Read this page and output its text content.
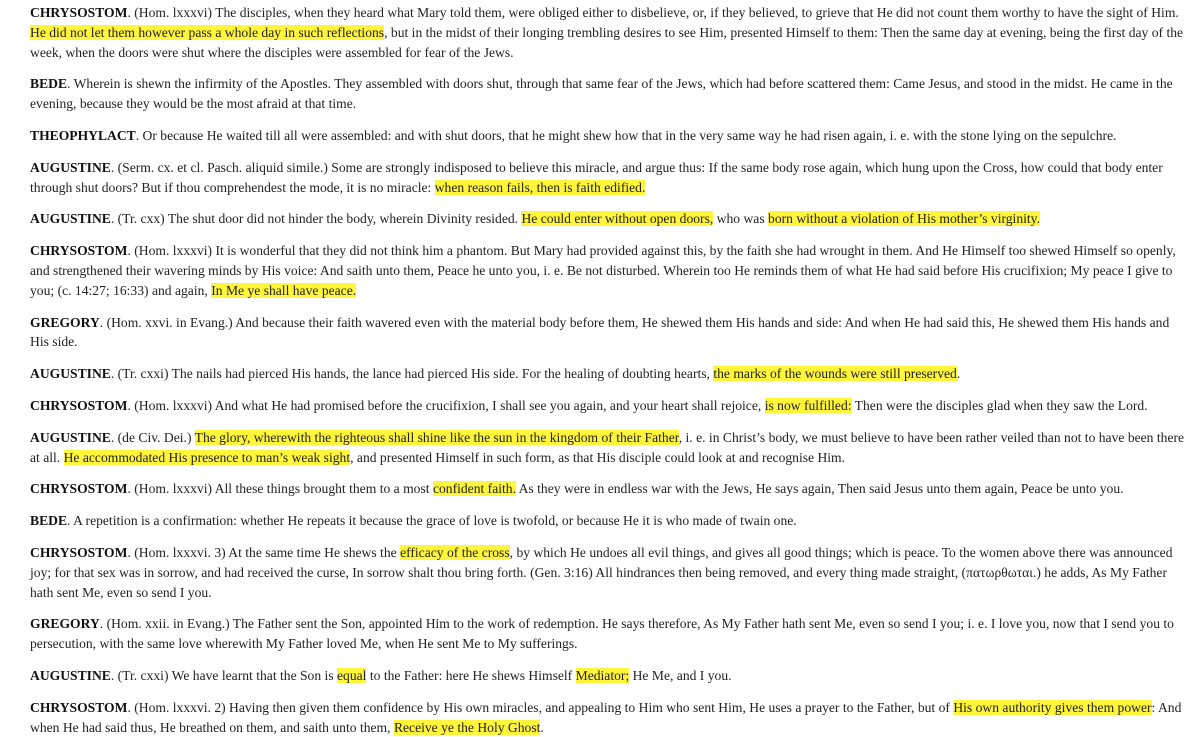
CHRYSOSTOM. (Hom. lxxxvi) The disciples, when they heard what Mary told them, were obliged either to disbelieve, or, if they believed, to grieve that He did not count them worthy to have the sight of Him. He did not let them however pass a whole day in such reflections, but in the midst of their longing trembling desires to see Him, presented Himself to them: Then the same day at evening, being the first day of the week, when the doors were shut where the disciples were assembled for fear of the Jews.

BEDE. Wherein is shewn the infirmity of the Apostles. They assembled with doors shut, through that same fear of the Jews, which had before scattered them: Came Jesus, and stood in the midst. He came in the evening, because they would be the most afraid at that time.

THEOPHYLACT. Or because He waited till all were assembled: and with shut doors, that he might shew how that in the very same way he had risen again, i. e. with the stone lying on the sepulchre.

AUGUSTINE. (Serm. cx. et cl. Pasch. aliquid simile.) Some are strongly indisposed to believe this miracle, and argue thus: If the same body rose again, which hung upon the Cross, how could that body enter through shut doors? But if thou comprehendest the mode, it is no miracle: when reason fails, then is faith edified.

AUGUSTINE. (Tr. cxx) The shut door did not hinder the body, wherein Divinity resided. He could enter without open doors, who was born without a violation of His mother’s virginity.

CHRYSOSTOM. (Hom. lxxxvi) It is wonderful that they did not think him a phantom. But Mary had provided against this, by the faith she had wrought in them. And He Himself too shewed Himself so openly, and strengthened their wavering minds by His voice: And saith unto them, Peace he unto you, i. e. Be not disturbed. Wherein too He reminds them of what He had said before His crucifixion; My peace I give to you; (c. 14:27; 16:33) and again, In Me ye shall have peace.

GREGORY. (Hom. xxvi. in Evang.) And because their faith wavered even with the material body before them, He shewed them His hands and side: And when He had said this, He shewed them His hands and His side.

AUGUSTINE. (Tr. cxxi) The nails had pierced His hands, the lance had pierced His side. For the healing of doubting hearts, the marks of the wounds were still preserved.

CHRYSOSTOM. (Hom. lxxxvi) And what He had promised before the crucifixion, I shall see you again, and your heart shall rejoice, is now fulfilled: Then were the disciples glad when they saw the Lord.

AUGUSTINE. (de Civ. Dei.) The glory, wherewith the righteous shall shine like the sun in the kingdom of their Father, i. e. in Christ’s body, we must believe to have been rather veiled than not to have been there at all. He accommodated His presence to man’s weak sight, and presented Himself in such form, as that His disciple could look at and recognise Him.

CHRYSOSTOM. (Hom. lxxxvi) All these things brought them to a most confident faith. As they were in endless war with the Jews, He says again, Then said Jesus unto them again, Peace be unto you.

BEDE. A repetition is a confirmation: whether He repeats it because the grace of love is twofold, or because He it is who made of twain one.

CHRYSOSTOM. (Hom. lxxxvi. 3) At the same time He shews the efficacy of the cross, by which He undoes all evil things, and gives all good things; which is peace. To the women above there was announced joy; for that sex was in sorrow, and had received the curse, In sorrow shalt thou bring forth. (Gen. 3:16) All hindrances then being removed, and every thing made straight, (πατωρθωται.) he adds, As My Father hath sent Me, even so send I you.

GREGORY. (Hom. xxii. in Evang.) The Father sent the Son, appointed Him to the work of redemption. He says therefore, As My Father hath sent Me, even so send I you; i. e. I love you, now that I send you to persecution, with the same love wherewith My Father loved Me, when He sent Me to My sufferings.

AUGUSTINE. (Tr. cxxi) We have learnt that the Son is equal to the Father: here He shews Himself Mediator; He Me, and I you.

CHRYSOSTOM. (Hom. lxxxvi. 2) Having then given them confidence by His own miracles, and appealing to Him who sent Him, He uses a prayer to the Father, but of His own authority gives them power: And when He had said thus, He breathed on them, and saith unto them, Receive ye the Holy Ghost.
